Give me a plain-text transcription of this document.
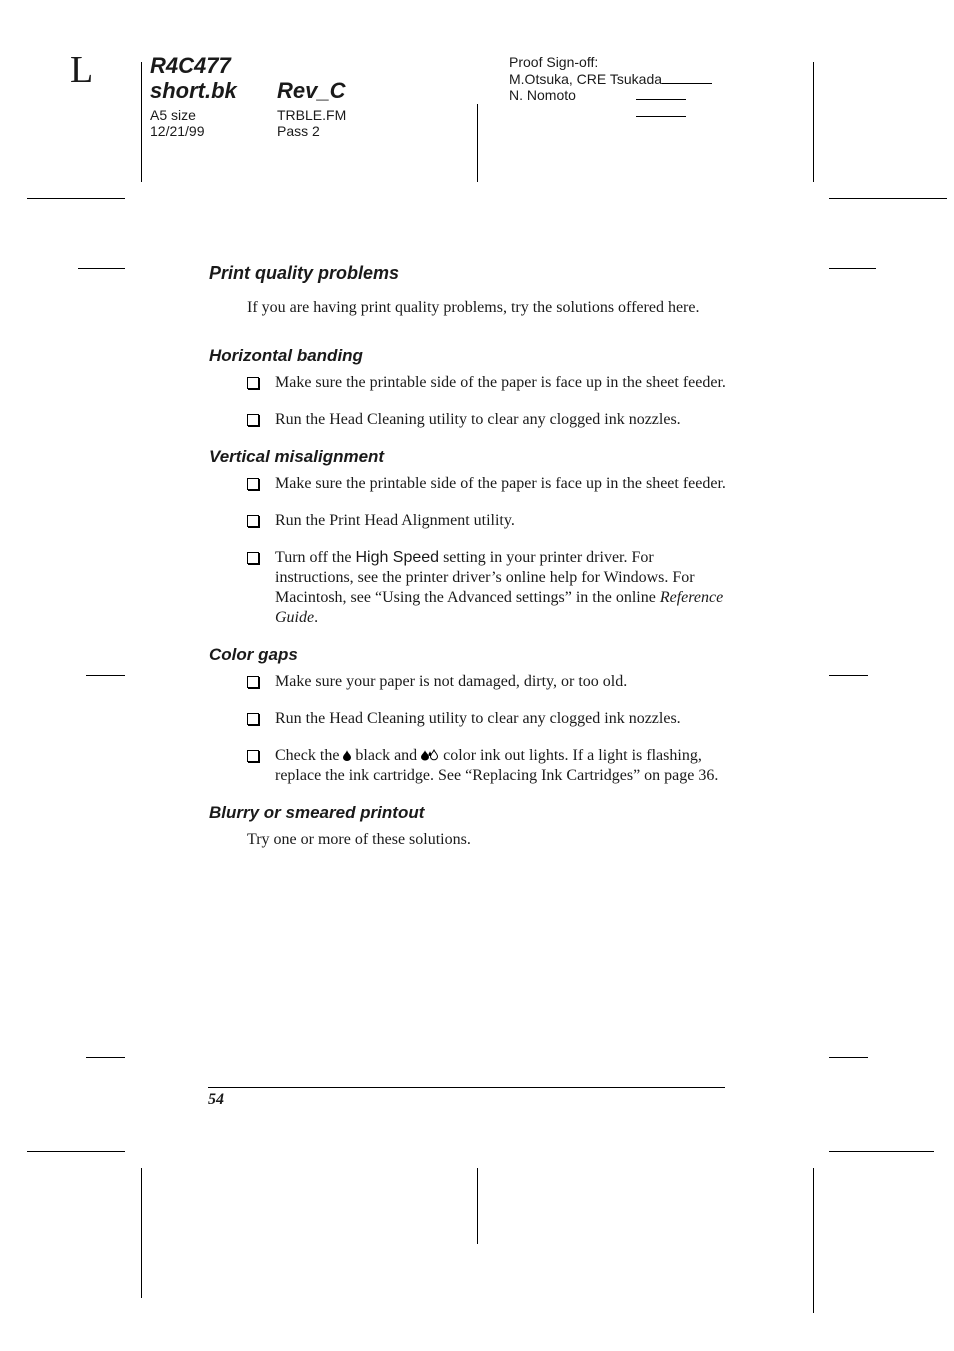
L	R4C477
short.bk Rev_C
A5 size	TRBLE.FM
12/21/99	Pass 2
Proof Sign-off:
M.Otsuka, CRE Tsukada
N. Nomoto
Print quality problems

If you are having print quality problems, try the solutions offered here.

Horizontal banding
Make sure the printable side of the paper is face up in the sheet feeder.
Run the Head Cleaning utility to clear any clogged ink nozzles.
Vertical misalignment
Make sure the printable side of the paper is face up in the sheet feeder.
Run the Print Head Alignment utility.
Turn off the High Speed setting in your printer driver. For instructions, see the printer driver’s online help for Windows. For Macintosh, see “Using the Advanced settings” in the online Reference Guide.
Color gaps
Make sure your paper is not damaged, dirty, or too old.
Run the Head Cleaning utility to clear any clogged ink nozzles.
Check the  black and  color ink out lights. If a light is flashing, replace the ink cartridge. See “Replacing Ink Cartridges” on page 36.
Blurry or smeared printout

Try one or more of these solutions.

54
